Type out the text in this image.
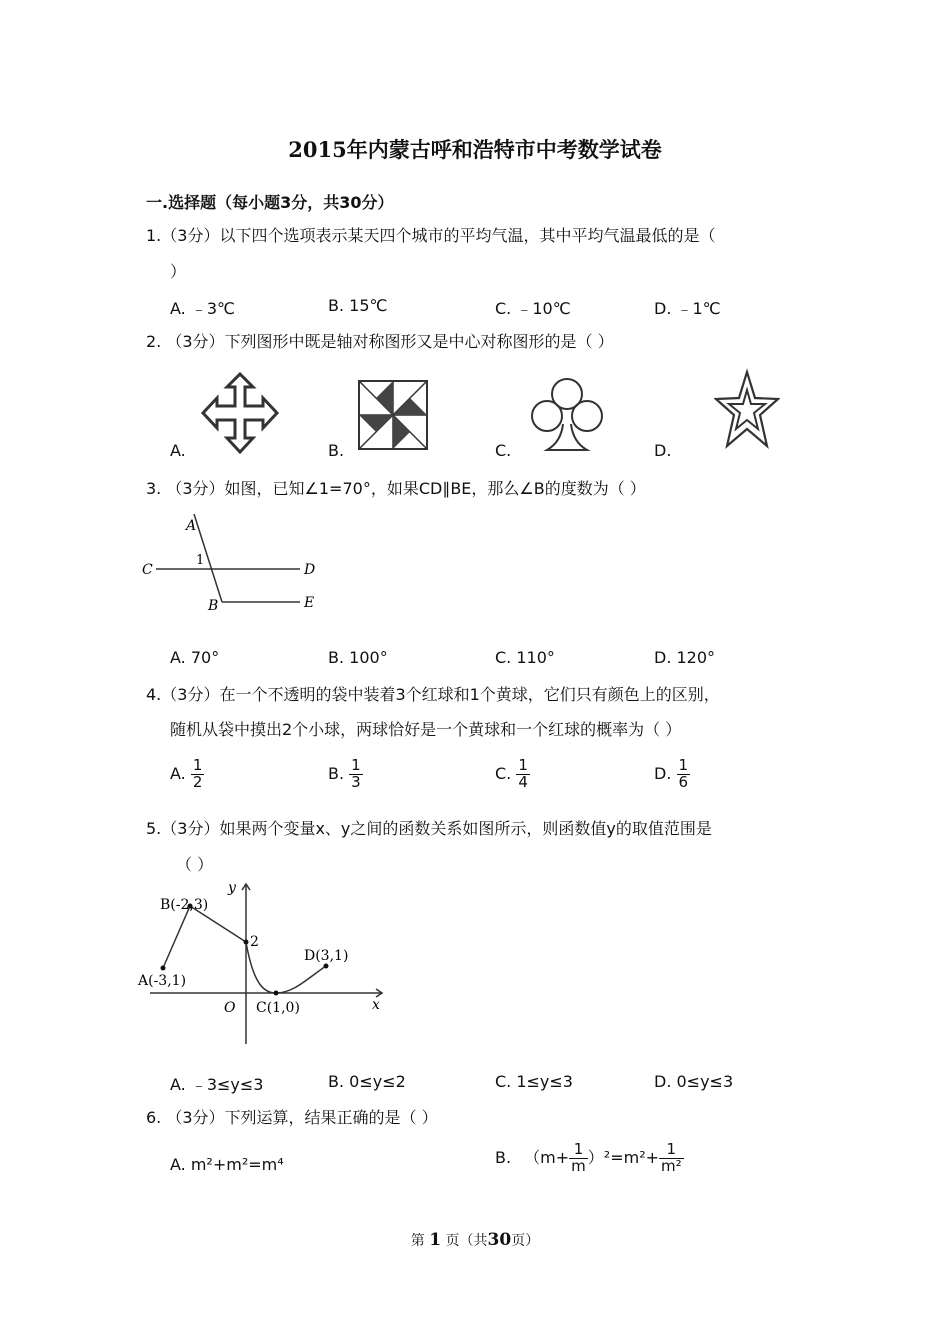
2015年内蒙古呼和浩特市中考数学试卷
一.选择题（每小题3分，共30分）
1.（3分）以下四个选项表示某天四个城市的平均气温，其中平均气温最低的是（
）
A. ﹣3℃	B. 15℃	C. ﹣10℃	D. ﹣1℃
2. （3分）下列图形中既是轴对称图形又是中心对称图形的是（ ）
A.	B.	C.	D.
3. （3分）如图，已知∠1=70°，如果CD∥BE，那么∠B的度数为（ ）
A
1
C	D
B	E
A. 70°	B. 100°	C. 110°	D. 120°
4.（3分）在一个不透明的袋中装着3个红球和1个黄球，它们只有颜色上的区别，
随机从袋中摸出2个小球，两球恰好是一个黄球和一个红球的概率为（ ）
A. $\frac{1}{2}$	B. $\frac{1}{3}$	C. $\frac{1}{4}$	D. $\frac{1}{6}$
5.（3分）如果两个变量x、y之间的函数关系如图所示，则函数值y的取值范围是
（ ）
y
x
B(-2,3)
A(-3,1)
2
D(3,1)
C(1,0)
O
A. ﹣3≤y≤3	B. 0≤y≤2	C. 1≤y≤3	D. 0≤y≤3
6. （3分）下列运算，结果正确的是（ ）
A. m²+m²=m⁴	B. $(m+ \frac{1}{m} )^2=m^2+ \frac{1}{\text{m²}}$
第 1 页（共30页）
